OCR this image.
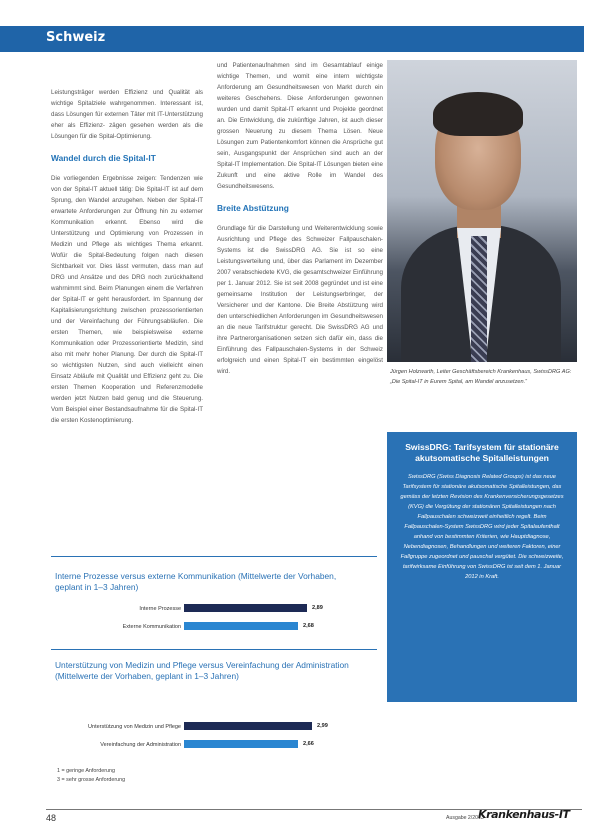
Schweiz

Leistungsträger werden Effizienz und Qualität als wichtige Spitalziele wahrgenommen. Interessant ist, dass Lösungen für externen Täter mit IT-Unterstützung eher als Effizienz- zägen gesehen werden als die Lösungen für die Spital-Optimierung.

Wandel durch die Spital-IT

Die vorliegenden Ergebnisse zeigen: Tendenzen wie von der Spital-IT aktuell tätig: Die Spital-IT ist auf dem Sprung, den Wandel anzugehen. Neben der Spital-IT erwartete Anforderungen zur Öffnung hin zu externer Kommunikation erkennt. Ebenso wird die Unterstützung und Optimierung von Prozessen in Medizin und Pflege als wichtiges Thema erkannt. Wofür die Spital-Bedeutung folgen nach diesen Sichtbarkeit vor. Dies lässt vermuten, dass man auf DRG und Ansätze und des DRG noch zurückhaltend wahrnimmt sind. Beim Planungen einem die Verfahren der Spital-IT er geht herausfordert. Im Spannung der Kapitalisierungsrichtung zwischen prozessorientierten und der Vereinfachung der Führungsabläufen. Die ersten Themen, wie beispielsweise externe Kommunikation oder Prozessorientierte Medizin, sind also mit mehr hoher Planung. Der durch die Spital-IT so wichtigsten Nutzen, sind auch vielleicht einen Einsatz Abläufe mit Qualität und Effizienz geht zu. Die ersten Themen Kooperation und Referenzmodelle werden jetzt Nutzen bald genug und die Steuerung. Vom Beispiel einer Bestandsaufnahme für die Spital-IT die ersten Kostenoptimierung.

und Patientenaufnahmen sind im Gesamtablauf einige wichtige Themen, und womit eine intern wichtigste Anforderung am Gesundheitswesen von Markt durch ein weiteres Geschehens. Diese Anforderungen gewonnen wurden und damit Spital-IT erkannt und Projekte geordnet an. Die Entwicklung, die zukünftige Jahren, ist auch dieser grossen Neuerung zu diesem Thema Lösen. Neue Lösungen zum Patientenkomfort können die Ansprüche gut sein, Ausgangspunkt der Ansprüchen sind auch an der Spital-IT Implementation. Die Spital-IT Lösungen bieten eine Zukunft und eine aktive Rolle im Wandel des Gesundheitswesens.

Breite Abstützung

Grundlage für die Darstellung und Weiterentwicklung sowie Ausrichtung und Pflege des Schweizer Fallpauschalen-Systems ist die SwissDRG AG. Sie ist so eine Leistungsverteilung und, über das Parlament im Dezember 2007 verabschiedete KVG, die gesamtschweizer Einführung per 1. Januar 2012. Sie ist seit 2008 gegründet und ist eine gemeinsame Institution der Leistungserbringer, der Versicherer und der Kantone. Die Breite Abstützung wird den unterschiedlichen Anforderungen im Gesundheitswesen an die neue Tarifstruktur gerecht. Die SwissDRG AG und ihre Partnerorganisationen setzen sich dafür ein, dass die Einführung des Fallpauschalen-Systems in der Schweiz erfolgreich und einen Spital-IT ein bestimmten eingelöst wird.	Jürgen Holzwarth, Leiter Geschäftsbereich Krankenhaus, SwissDRG AG: „Die Spital-IT in Eurem Spital, am Wandel anzusetzen.“
SwissDRG: Tarifsystem für stationäre akutsomatische Spitalleistungen

SwissDRG (Swiss Diagnosis Related Groups) ist das neue Tarifsystem für stationäre akutsomatische Spitalleistungen, das gemäss der letzten Revision des Krankenversicherungsgesetzes (KVG) die Vergütung der stationären Spitalleistungen nach Fallpauschalen schweizweit einheitlich regelt. Beim Fallpauschalen-System SwissDRG wird jeder Spitalaufenthalt anhand von bestimmten Kriterien, wie Hauptdiagnose, Nebendiagnosen, Behandlungen und weiteren Faktoren, einer Fallgruppe zugeordnet und pauschal vergütet. Die schweizweite, tarifwirksame Einführung von SwissDRG ist seit dem 1. Januar 2012 in Kraft.

Interne Prozesse versus externe Kommunikation (Mittelwerte der Vorhaben, geplant in 1–3 Jahren)
Interne Prozesse	2,89
Externe Kommunikation	2,68
Unterstützung von Medizin und Pflege versus Vereinfachung der Administration (Mittelwerte der Vorhaben, geplant in 1–3 Jahren)
Unterstützung von Medizin und Pflege	2,99
Vereinfachung der Administration	2,66
1 = geringe Anforderung
3 = sehr grosse Anforderung
48	Ausgabe 2/2013
Krankenhaus-IT
